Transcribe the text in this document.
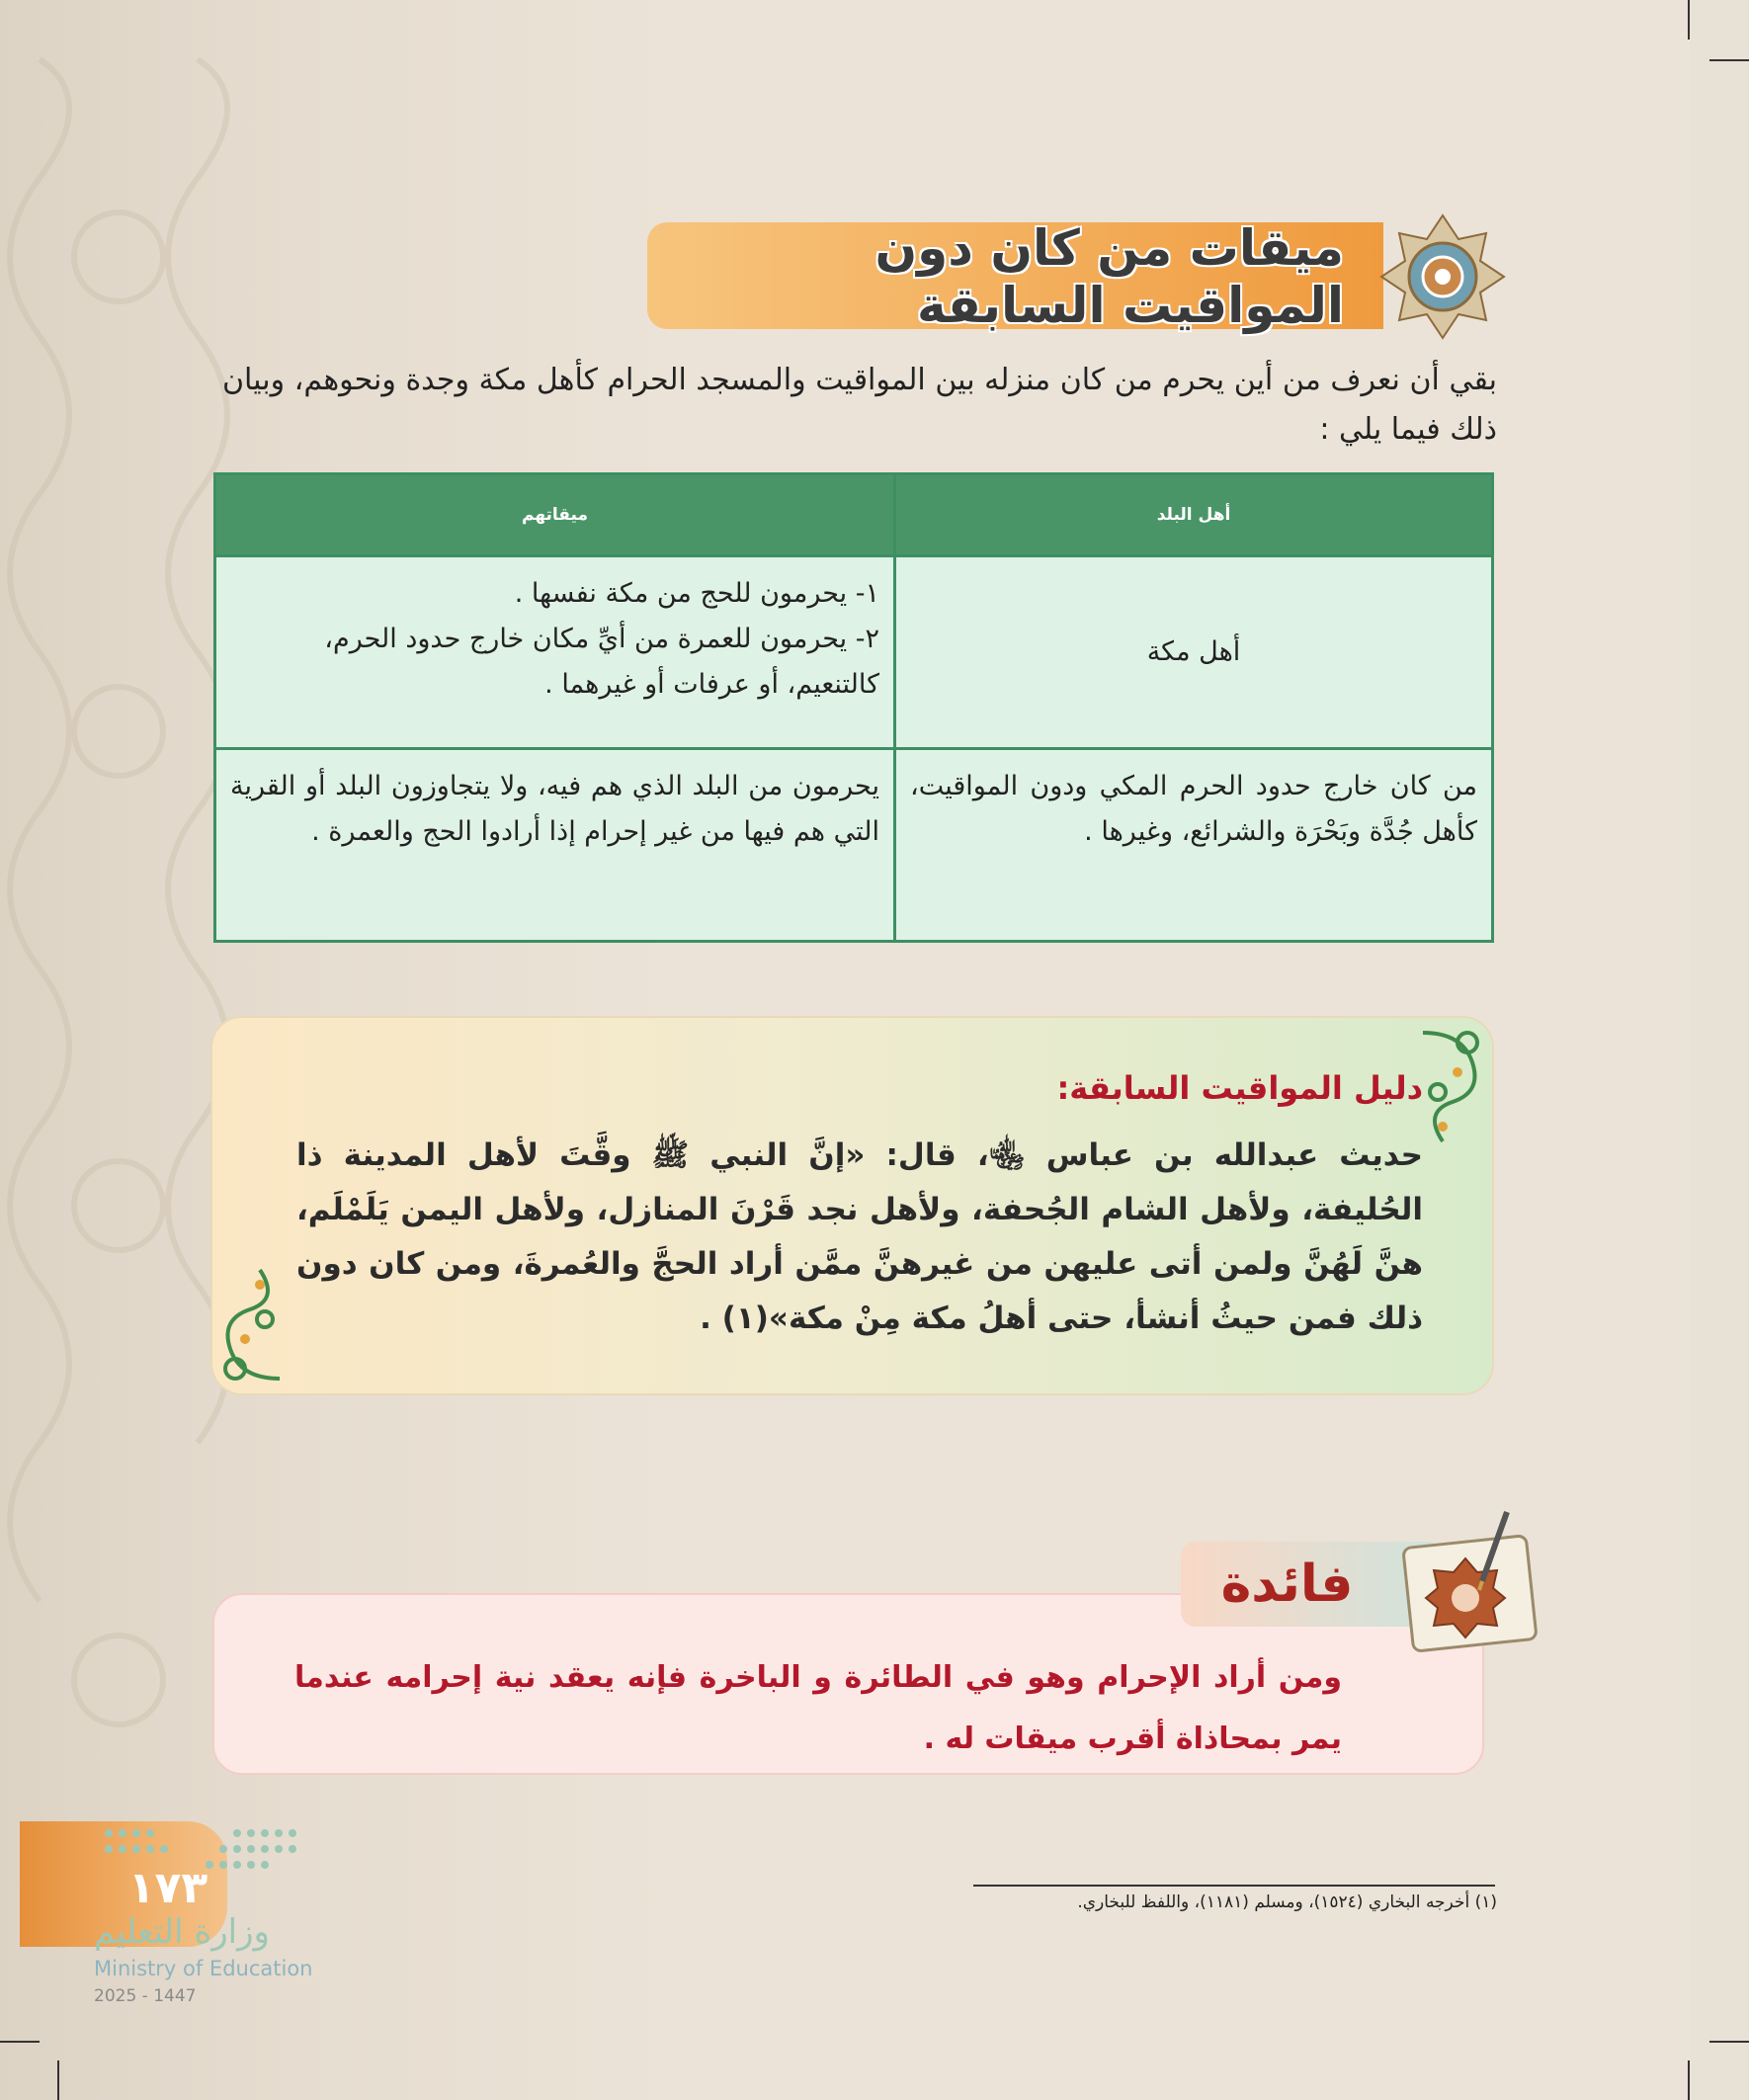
ميقات من كان دون المواقيت السابقة
بقي أن نعرف من أين يحرم من كان منزله بين المواقيت والمسجد الحرام كأهل مكة وجدة ونحوهم، وبيان ذلك فيما يلي :
أهل البلد	ميقاتهم
أهل مكة	١- يحرمون للحج من مكة نفسها .
٢- يحرمون للعمرة من أيِّ مكان خارج حدود الحرم، كالتنعيم، أو عرفات أو غيرهما .

من كان خارج حدود الحرم المكي ودون المواقيت، كأهل جُدَّة وبَحْرَة والشرائع، وغيرها .	يحرمون من البلد الذي هم فيه، ولا يتجاوزون البلد أو القرية التي هم فيها من غير إحرام إذا أرادوا الحج والعمرة .
دليل المواقيت السابقة:
حديث عبدالله بن عباس ﵄، قال: «إنَّ النبي ﷺ وقَّتَ لأهل المدينة ذا الحُليفة، ولأهل الشام الجُحفة، ولأهل نجد قَرْنَ المنازل، ولأهل اليمن يَلَمْلَم، هنَّ لَهُنَّ ولمن أتى عليهن من غيرهنَّ ممَّن أراد الحجَّ والعُمرةَ، ومن كان دون ذلك فمن حيثُ أنشأ، حتى أهلُ مكة مِنْ مكة»(١) .
فائدة
ومن أراد الإحرام وهو في الطائرة و الباخرة فإنه يعقد نية إحرامه عندما يمر بمحاذاة أقرب ميقات له .
(١) أخرجه البخاري (١٥٢٤)، ومسلم (١١٨١)، واللفظ للبخاري.
١٧٣
وزارة التعليم
Ministry of Education
2025 - 1447
